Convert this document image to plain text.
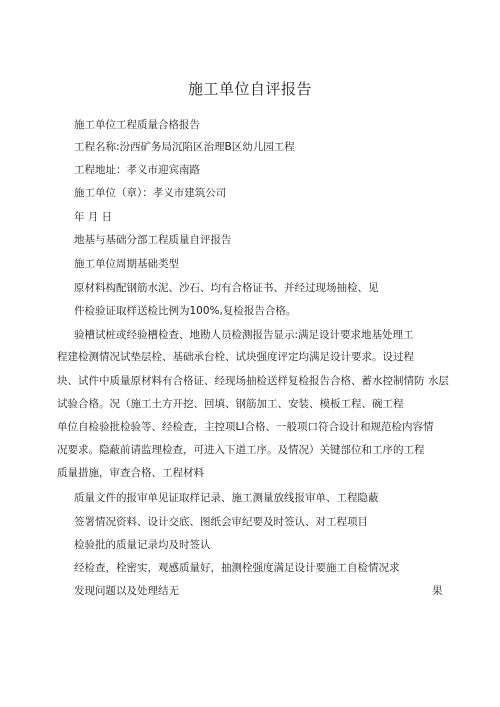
施工单位自评报告
施工单位工程质量合格报告
工程名称:汾西矿务局沉陷区治理B区幼儿园工程
工程地址：孝义市迎宾南路
施工单位（章）：孝义市建筑公司
年 月 日
地基与基础分部工程质量自评报告
施工单位周期基础类型
原材料构配钢筋水泥、沙石、均有合格证书、并经过现场抽检、见
件检验证取样送检比例为100%,复检报告合格。
验槽试桩或经验槽检查、地勘人员检测报告显示:满足设计要求地基处理工
程建检测情况试垫层栓、基础承台栓、试块强度评定均满足设计要求。设过程
块、试件中质量原材料有合格证、经现场抽检送样复检报告合格、蓄水控制情防 水层
试验合格。况（施工土方开挖、回填、钢筋加工、安装、模板工程、碗工程
单位自检验批检验等、经检查，主控项LI合格、一般项口符合设计和规范检内容情
况要求。隐蔽前请监理检查，可进入下道工序。及情况）关键部位和工序的工程
质量措施，审查合格、工程材料
质量文件的报审单见证取样记录、施工测量放线报审单、工程隐蔽
签署情况资料、设计交底、图纸会审纪要及时签认、对工程项目
检验批的质量记录均及时签认
经检查，栓密实，观感质量好，抽测栓强度满足设计要施工自检情况求
发现问题以及处理结无	果
